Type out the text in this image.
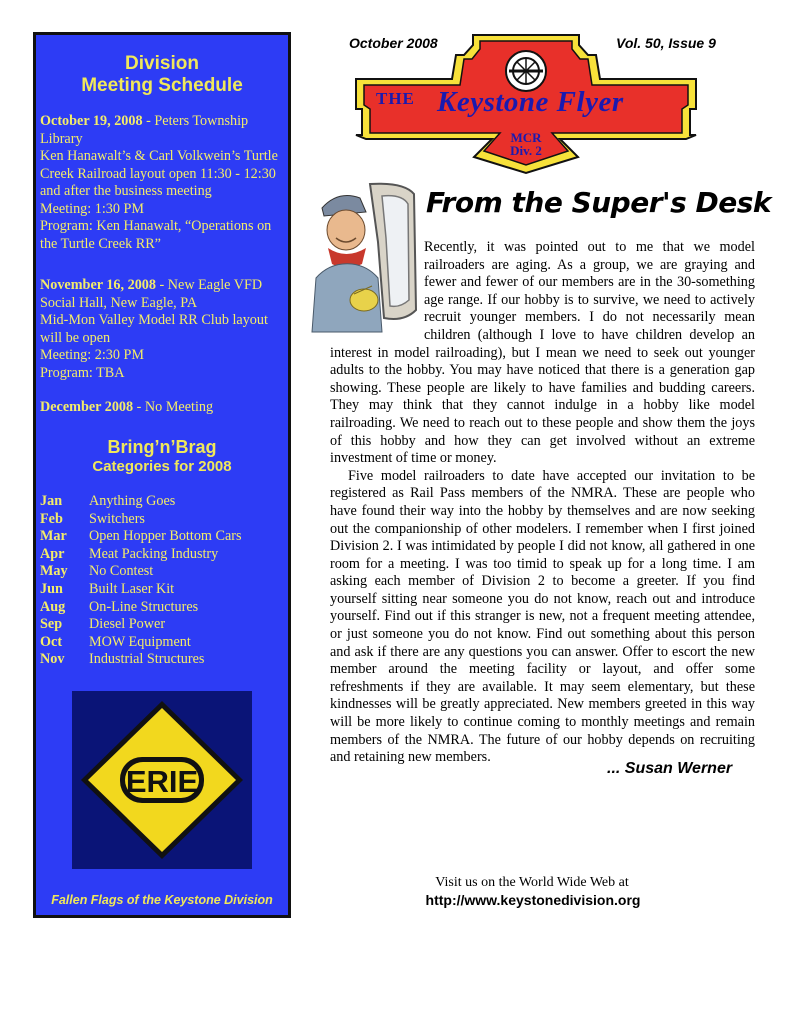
Division
Meeting Schedule
October 19, 2008 - Peters Township Library
Ken Hanawalt’s & Carl Volkwein’s Turtle Creek Railroad layout open 11:30 - 12:30 and after the business meeting
Meeting: 1:30 PM
Program: Ken Hanawalt, “Operations on the Turtle Creek RR”
November 16, 2008 - New Eagle VFD Social Hall, New Eagle, PA
Mid-Mon Valley Model RR Club layout will be open
Meeting: 2:30 PM
Program: TBA
December 2008 - No Meeting
Bring’n’Brag
Categories for 2008
Jan	Anything Goes
Feb	Switchers
Mar	Open Hopper Bottom Cars
Apr	Meat Packing Industry
May	No Contest
Jun	Built Laser Kit
Aug	On-Line Structures
Sep	Diesel Power
Oct	MOW Equipment
Nov	Industrial Structures
ERIE
Fallen Flags of the Keystone Division
October 2008	Vol. 50, Issue 9
THE Keystone Flyer
MCR
Div. 2
From the Super's Desk

Recently, it was pointed out to me that we model railroaders are aging. As a group, we are graying and fewer and fewer of our members are in the 30-something age range. If our hobby is to survive, we need to actively recruit younger members. I do not necessarily mean children (although I love to have children develop an interest in model railroading), but I mean we need to seek out younger adults to the hobby. You may have noticed that there is a generation gap showing. These people are likely to have families and budding careers. They may think that they cannot indulge in a hobby like model railroading. We need to reach out to these people and show them the joys of this hobby and how they can get involved without an extreme investment of time or money.

Five model railroaders to date have accepted our invitation to be registered as Rail Pass members of the NMRA. These are people who have found their way into the hobby by themselves and are now seeking out the companionship of other modelers. I remember when I first joined Division 2. I was intimidated by people I did not know, all gathered in one room for a meeting. I was too timid to speak up for a long time. I am asking each member of Division 2 to become a greeter. If you find yourself sitting near someone you do not know, reach out and introduce yourself. Find out if this stranger is new, not a frequent meeting attendee, or just someone you do not know. Find out something about this person and ask if there are any questions you can answer. Offer to escort the new member around the meeting facility or layout, and offer some refreshments if they are available. It may seem elementary, but these kindnesses will be greatly appreciated. New members greeted in this way will be more likely to continue coming to monthly meetings and remain members of the NMRA. The future of our hobby depends on recruiting and retaining new members.

... Susan Werner
Visit us on the World Wide Web at
http://www.keystonedivision.org
